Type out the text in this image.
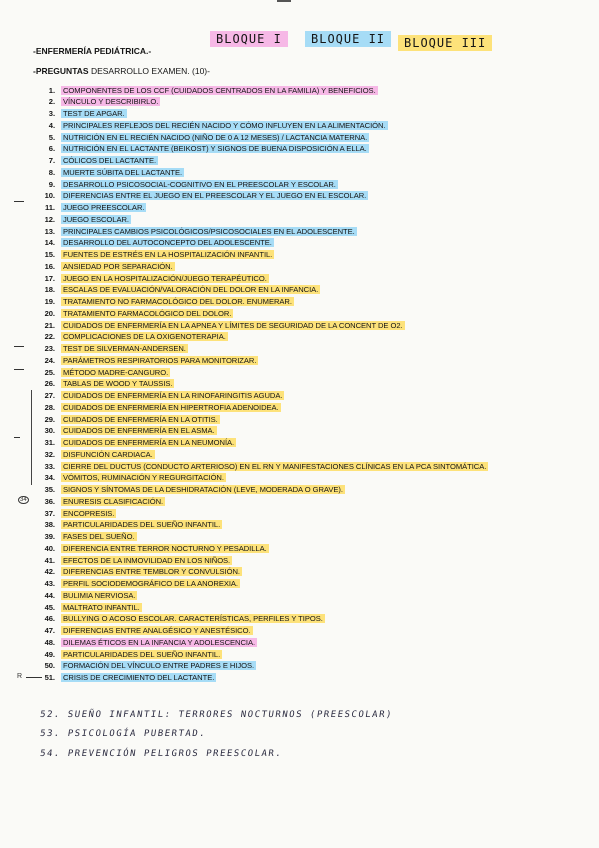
BLOQUE I	BLOQUE II	BLOQUE III
-ENFERMERÍA PEDIÁTRICA.-
-PREGUNTAS DESARROLLO EXAMEN. (10)-
1. COMPONENTES DE LOS CCF (CUIDADOS CENTRADOS EN LA FAMILIA) Y BENEFICIOS.
2. VÍNCULO Y DESCRIBIRLO.
3. TEST DE APGAR.
4. PRINCIPALES REFLEJOS DEL RECIÉN NACIDO Y CÓMO INFLUYEN EN LA ALIMENTACIÓN.
5. NUTRICIÓN EN EL RECIÉN NACIDO (NIÑO DE 0 A 12 MESES) / LACTANCIA MATERNA.
6. NUTRICIÓN EN EL LACTANTE (BEIKOST) Y SIGNOS DE BUENA DISPOSICIÓN A ELLA.
7. CÓLICOS DEL LACTANTE.
8. MUERTE SÚBITA DEL LACTANTE.
9. DESARROLLO PSICOSOCIAL-COGNITIVO EN EL PREESCOLAR Y ESCOLAR.
10. DIFERENCIAS ENTRE EL JUEGO EN EL PREESCOLAR Y EL JUEGO EN EL ESCOLAR.
11. JUEGO PREESCOLAR.
12. JUEGO ESCOLAR.
13. PRINCIPALES CAMBIOS PSICOLÓGICOS/PSICOSOCIALES EN EL ADOLESCENTE.
14. DESARROLLO DEL AUTOCONCEPTO DEL ADOLESCENTE.
15. FUENTES DE ESTRÉS EN LA HOSPITALIZACIÓN INFANTIL.
16. ANSIEDAD POR SEPARACIÓN.
17. JUEGO EN LA HOSPITALIZACIÓN/JUEGO TERAPÉUTICO.
18. ESCALAS DE EVALUACIÓN/VALORACIÓN DEL DOLOR EN LA INFANCIA.
19. TRATAMIENTO NO FARMACOLÓGICO DEL DOLOR. ENUMERAR.
20. TRATAMIENTO FARMACOLÓGICO DEL DOLOR.
21. CUIDADOS DE ENFERMERÍA EN LA APNEA Y LÍMITES DE SEGURIDAD DE LA CONCENT DE O2.
22. COMPLICACIONES DE LA OXIGENOTERAPIA.
23. TEST DE SILVERMAN-ANDERSEN.
24. PARÁMETROS RESPIRATORIOS PARA MONITORIZAR.
25. MÉTODO MADRE-CANGURO.
26. TABLAS DE WOOD Y TAUSSIS.
27. CUIDADOS DE ENFERMERÍA EN LA RINOFARINGITIS AGUDA.
28. CUIDADOS DE ENFERMERÍA EN HIPERTROFIA ADENOIDEA.
29. CUIDADOS DE ENFERMERÍA EN LA OTITIS.
30. CUIDADOS DE ENFERMERÍA EN EL ASMA.
31. CUIDADOS DE ENFERMERÍA EN LA NEUMONÍA.
32. DISFUNCIÓN CARDIACA.
33. CIERRE DEL DUCTUS (CONDUCTO ARTERIOSO) EN EL RN Y MANIFESTACIONES CLÍNICAS EN LA PCA SINTOMÁTICA.
34. VÓMITOS, RUMINACIÓN Y REGURGITACIÓN.
35. SIGNOS Y SÍNTOMAS DE LA DESHIDRATACIÓN (LEVE, MODERADA O GRAVE).
36. ENURESIS CLASIFICACIÓN.
37. ENCOPRESIS.
38. PARTICULARIDADES DEL SUEÑO INFANTIL.
39. FASES DEL SUEÑO.
40. DIFERENCIA ENTRE TERROR NOCTURNO Y PESADILLA.
41. EFECTOS DE LA INMOVILIDAD EN LOS NIÑOS.
42. DIFERENCIAS ENTRE TEMBLOR Y CONVULSIÓN.
43. PERFIL SOCIODEMOGRÁFICO DE LA ANOREXIA.
44. BULIMIA NERVIOSA.
45. MALTRATO INFANTIL.
46. BULLYING O ACOSO ESCOLAR. CARACTERÍSTICAS, PERFILES Y TIPOS.
47. DIFERENCIAS ENTRE ANALGÉSICO Y ANESTÉSICO.
48. DILEMAS ÉTICOS EN LA INFANCIA Y ADOLESCENCIA.
49. PARTICULARIDADES DEL SUEÑO INFANTIL.
50. FORMACIÓN DEL VÍNCULO ENTRE PADRES E HIJOS.
51. CRISIS DE CRECIMIENTO DEL LACTANTE.
52. SUEÑO INFANTIL: TERRORES NOCTURNOS (PREESCOLAR)
53. PSICOLOGÍA PUBERTAD.
54. PREVENCIÓN PELIGROS PREESCOLAR.
34
R
